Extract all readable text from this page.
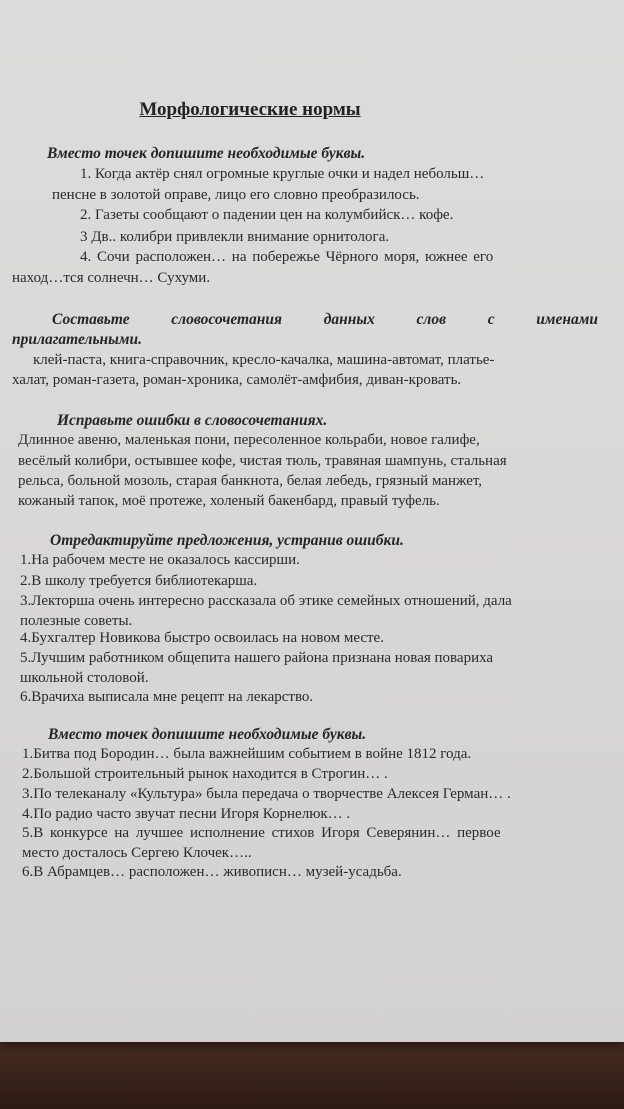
Морфологические нормы
Вместо точек допишите необходимые буквы.
1. Когда актёр снял огромные круглые очки и надел небольш…
пенсне в золотой оправе, лицо его словно преобразилось.
2. Газеты сообщают о падении цен на колумбийск… кофе.
3 Дв.. колибри привлекли внимание орнитолога.
4. Сочи расположен… на побережье Чёрного моря, южнее его
наход…тся солнечн… Сухуми.
Составьте	словосочетания	данных	слов	с	именами
прилагательными.
клей-паста, книга-справочник, кресло-качалка, машина-автомат, платье-
халат, роман-газета, роман-хроника, самолёт-амфибия, диван-кровать.
Исправьте ошибки в словосочетаниях.
Длинное авеню, маленькая пони, пересоленное кольраби, новое галифе,
весёлый колибри, остывшее кофе, чистая тюль, травяная шампунь, стальная
рельса, больной мозоль, старая банкнота, белая лебедь, грязный манжет,
кожаный тапок, моё протеже, холеный бакенбард, правый туфель.
Отредактируйте предложения, устранив ошибки.
1.На рабочем месте не оказалось кассирши.
2.В школу требуется библиотекарша.
3.Лекторша очень интересно рассказала об этике семейных отношений, дала
полезные советы.
4.Бухгалтер Новикова быстро освоилась на новом месте.
5.Лучшим работником общепита нашего района признана новая повариха
школьной столовой.
6.Врачиха выписала мне рецепт на лекарство.
Вместо точек допишите необходимые буквы.
1.Битва под Бородин… была важнейшим событием в войне 1812 года.
2.Большой строительный рынок находится в Строгин… .
3.По телеканалу «Культура» была передача о творчестве Алексея Герман… .
4.По радио часто звучат песни Игоря Корнелюк… .
5.В конкурсе на лучшее исполнение стихов Игоря Северянин… первое
место досталось Сергею Клочек…..
6.В Абрамцев… расположен… живописн… музей-усадьба.
